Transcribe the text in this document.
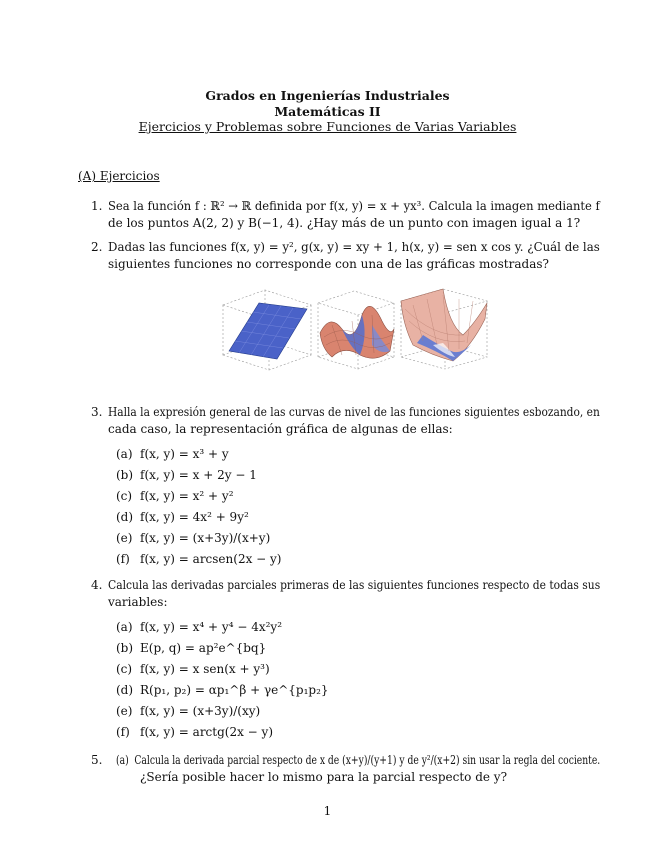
Grados en Ingenierías Industriales
Matemáticas II
Ejercicios y Problemas sobre Funciones de Varias Variables
(A) Ejercicios
1. Sea la función f : ℝ² → ℝ definida por f(x, y) = x + yx³. Calcula la imagen mediante f
de los puntos A(2, 2) y B(−1, 4). ¿Hay más de un punto con imagen igual a 1?
2. Dadas las funciones f(x, y) = y², g(x, y) = xy + 1, h(x, y) = sen x cos y. ¿Cuál de las
siguientes funciones no corresponde con una de las gráficas mostradas?
3. Halla la expresión general de las curvas de nivel de las funciones siguientes esbozando, en
cada caso, la representación gráfica de algunas de ellas:
(a) f(x, y) = x³ + y
(b) f(x, y) = x + 2y − 1
(c) f(x, y) = x² + y²
(d) f(x, y) = 4x² + 9y²
(e) f(x, y) = (x+3y)/(x+y)
(f) f(x, y) = arcsen(2x − y)
4. Calcula las derivadas parciales primeras de las siguientes funciones respecto de todas sus
variables:
(a) f(x, y) = x⁴ + y⁴ − 4x²y²
(b) E(p, q) = ap²e^{bq}
(c) f(x, y) = x sen(x + y³)
(d) R(p₁, p₂) = αp₁^β + γe^{p₁p₂}
(e) f(x, y) = (x+3y)/(xy)
(f) f(x, y) = arctg(2x − y)
5. (a) Calcula la derivada parcial respecto de x de (x+y)/(y+1) y de y²/(x+2) sin usar la regla del cociente.
¿Sería posible hacer lo mismo para la parcial respecto de y?
1
